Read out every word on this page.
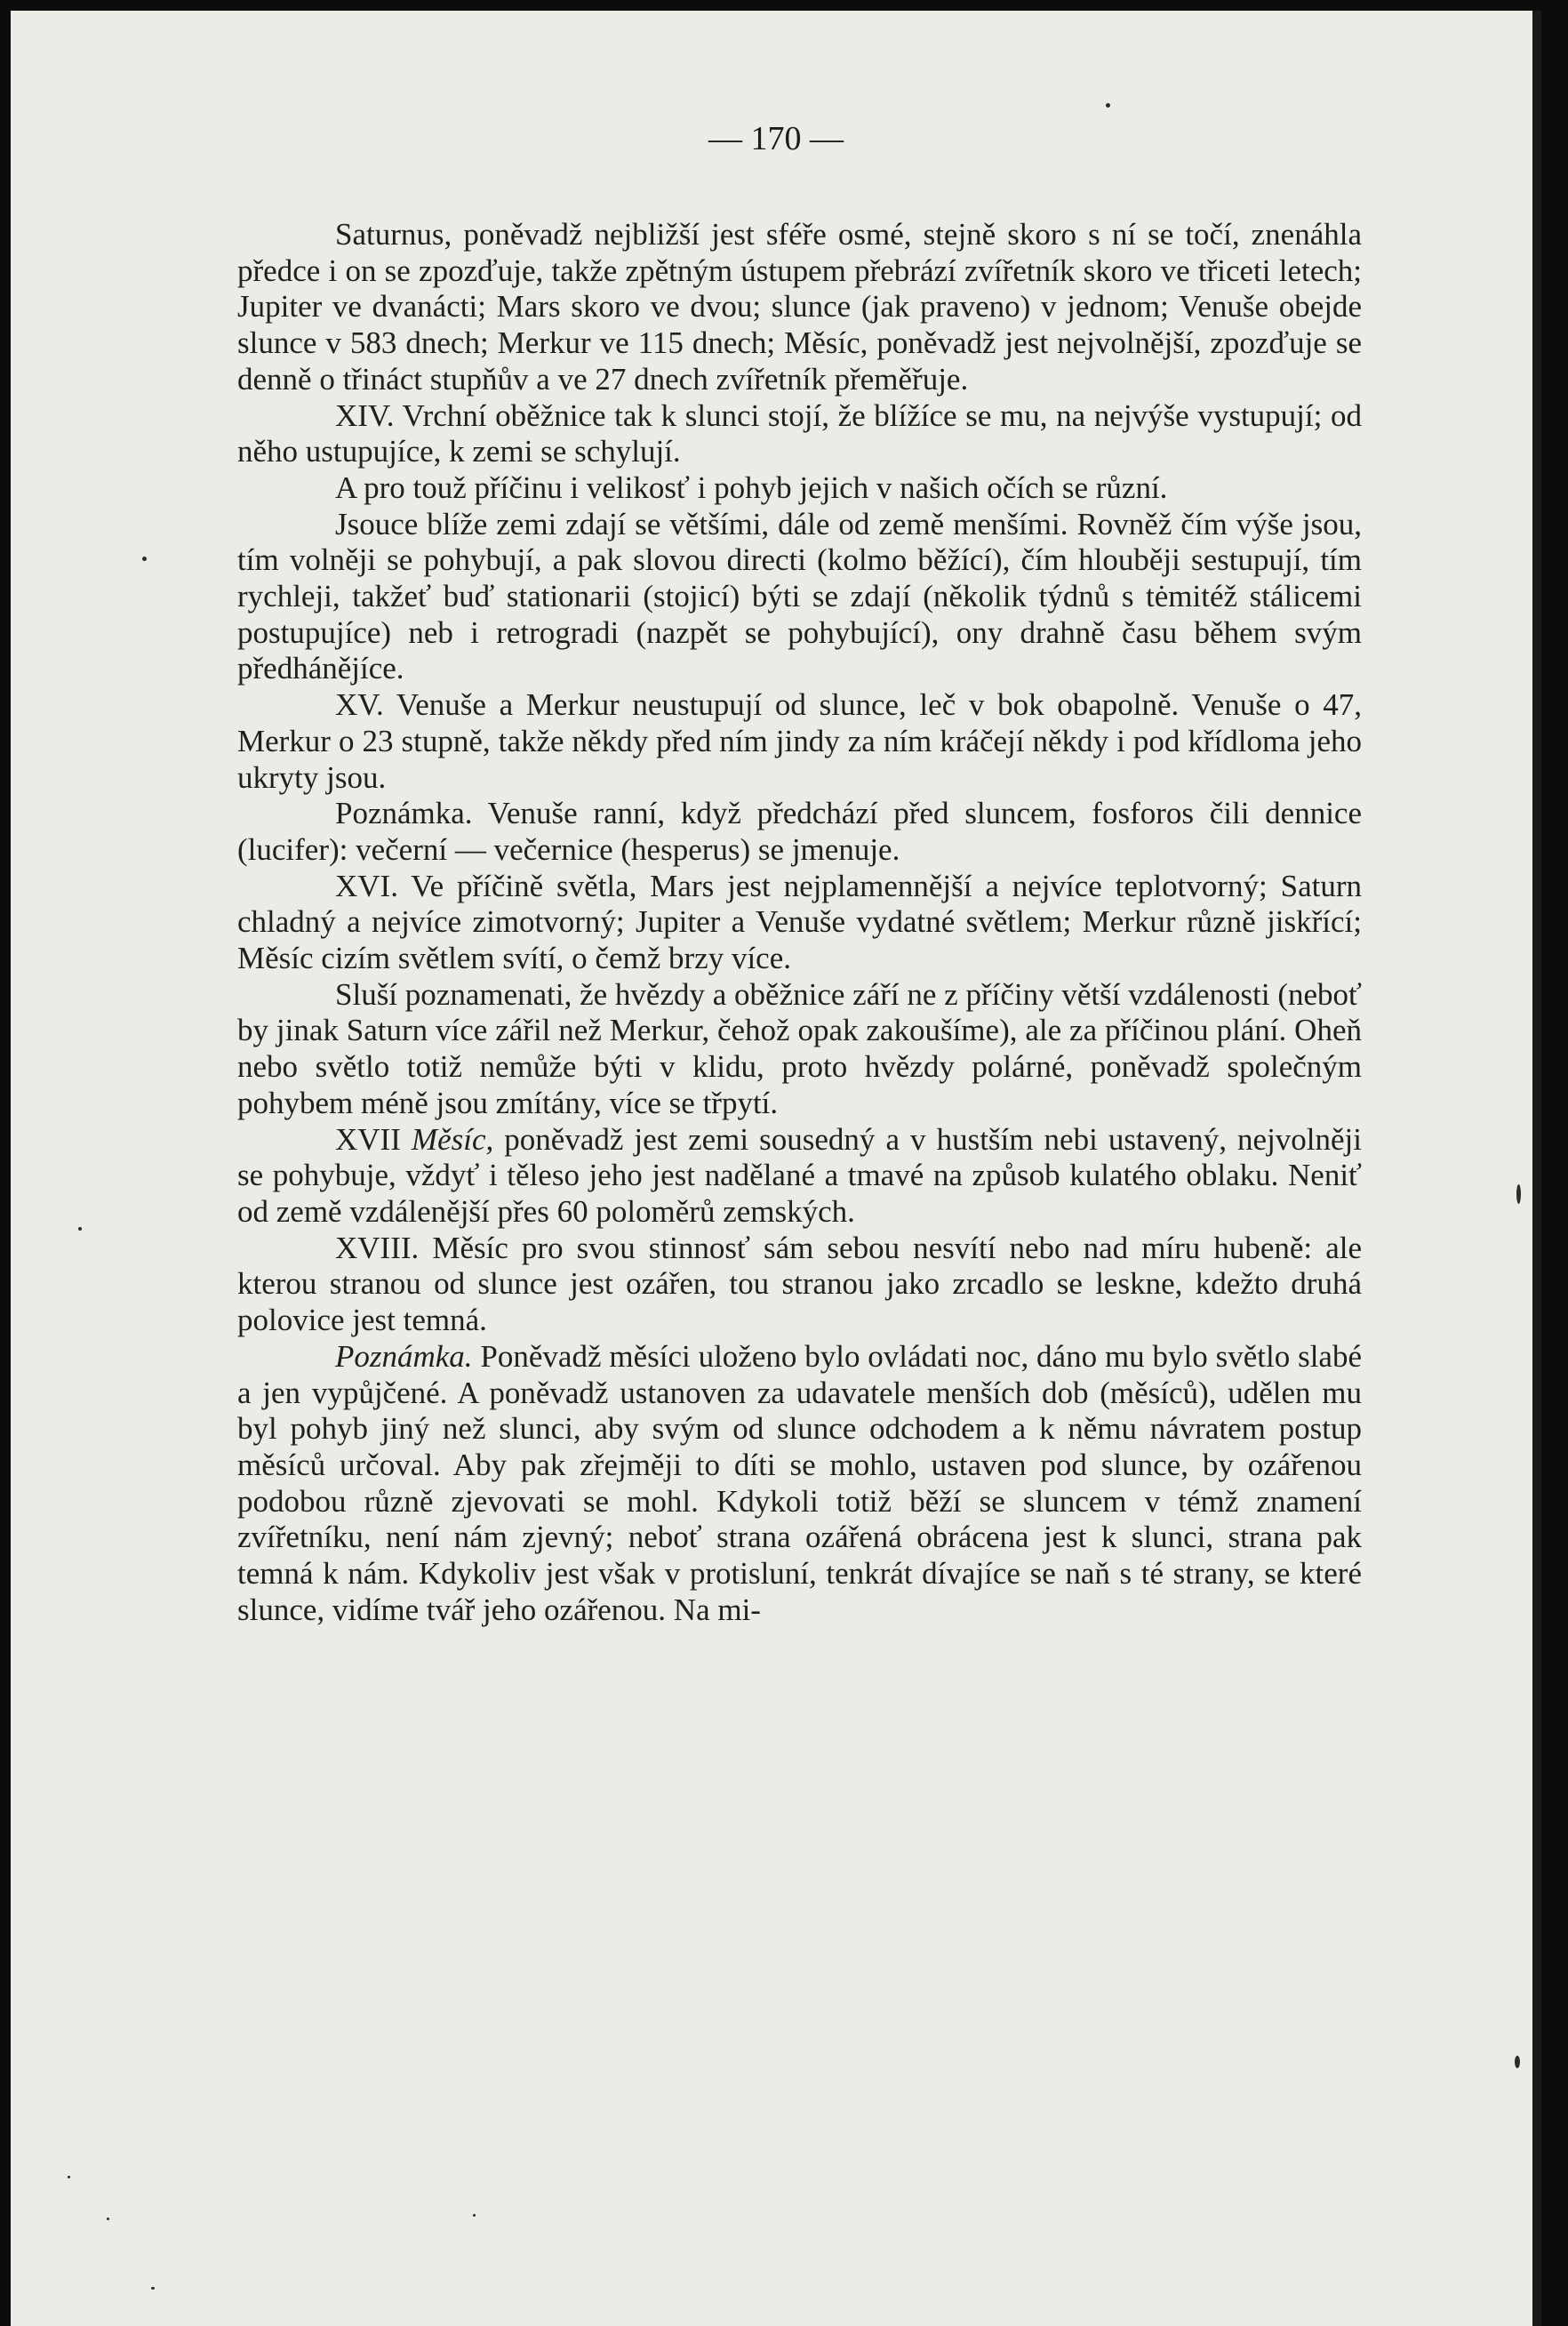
— 170 —

Saturnus, poněvadž nejbližší jest sféře osmé, stejně skoro s ní se točí, znenáhla předce i on se zpozďuje, takže zpětným ústupem přebrází zvířetník skoro ve třiceti letech; Jupiter ve dvanácti; Mars skoro ve dvou; slunce (jak praveno) v jednom; Venuše obejde slunce v 583 dnech; Merkur ve 115 dnech; Měsíc, poněvadž jest nejvolnější, zpozďuje se denně o třináct stupňův a ve 27 dnech zvířetník přeměřuje.

XIV. Vrchní oběžnice tak k slunci stojí, že blížíce se mu, na nejvýše vystupují; od něho ustupujíce, k zemi se schylují.

A pro touž příčinu i velikosť i pohyb jejich v našich očích se různí.

Jsouce blíže zemi zdají se většími, dále od země menšími. Rovněž čím výše jsou, tím volněji se pohybují, a pak slovou directi (kolmo běžící), čím hlouběji sestupují, tím rychleji, takžeť buď stationarii (stojicí) býti se zdají (několik týdnů s tėmitéž stálicemi postupujíce) neb i retrogradi (nazpět se pohybující), ony drahně času během svým předhánějíce.

XV. Venuše a Merkur neustupují od slunce, leč v bok obapolně. Venuše o 47, Merkur o 23 stupně, takže někdy před ním jindy za ním kráčejí někdy i pod křídloma jeho ukryty jsou.

Poznámka. Venuše ranní, když předchází před sluncem, fosforos čili dennice (lucifer): večerní — večernice (hesperus) se jmenuje.

XVI. Ve příčině světla, Mars jest nejplamennější a nejvíce teplotvorný; Saturn chladný a nejvíce zimotvorný; Jupiter a Venuše vydatné světlem; Merkur různě jiskřící; Měsíc cizím světlem svítí, o čemž brzy více.

Sluší poznamenati, že hvězdy a oběžnice září ne z příčiny větší vzdálenosti (neboť by jinak Saturn více zářil než Merkur, čehož opak zakoušíme), ale za příčinou plání. Oheň nebo světlo totiž nemůže býti v klidu, proto hvězdy polárné, poněvadž společným pohybem méně jsou zmítány, více se třpytí.

XVII Měsíc, poněvadž jest zemi sousedný a v hustším nebi ustavený, nejvolněji se pohybuje, vždyť i těleso jeho jest nadělané a tmavé na způsob kulatého oblaku. Neniť od země vzdálenější přes 60 poloměrů zemských.

XVIII. Měsíc pro svou stinnosť sám sebou nesvítí nebo nad míru hubeně: ale kterou stranou od slunce jest ozářen, tou stranou jako zrcadlo se leskne, kdežto druhá polovice jest temná.

Poznámka. Poněvadž měsíci uloženo bylo ovládati noc, dáno mu bylo světlo slabé a jen vypůjčené. A poněvadž ustanoven za udavatele menších dob (měsíců), udělen mu byl pohyb jiný než slunci, aby svým od slunce odchodem a k němu návratem postup měsíců určoval. Aby pak zřejměji to díti se mohlo, ustaven pod slunce, by ozářenou podobou různě zjevovati se mohl. Kdykoli totiž běží se sluncem v témž znamení zvířetníku, není nám zjevný; neboť strana ozářená obrácena jest k slunci, strana pak temná k nám. Kdykoliv jest však v protisluní, tenkrát dívajíce se naň s té strany, se které slunce, vidíme tvář jeho ozářenou. Na mi-
